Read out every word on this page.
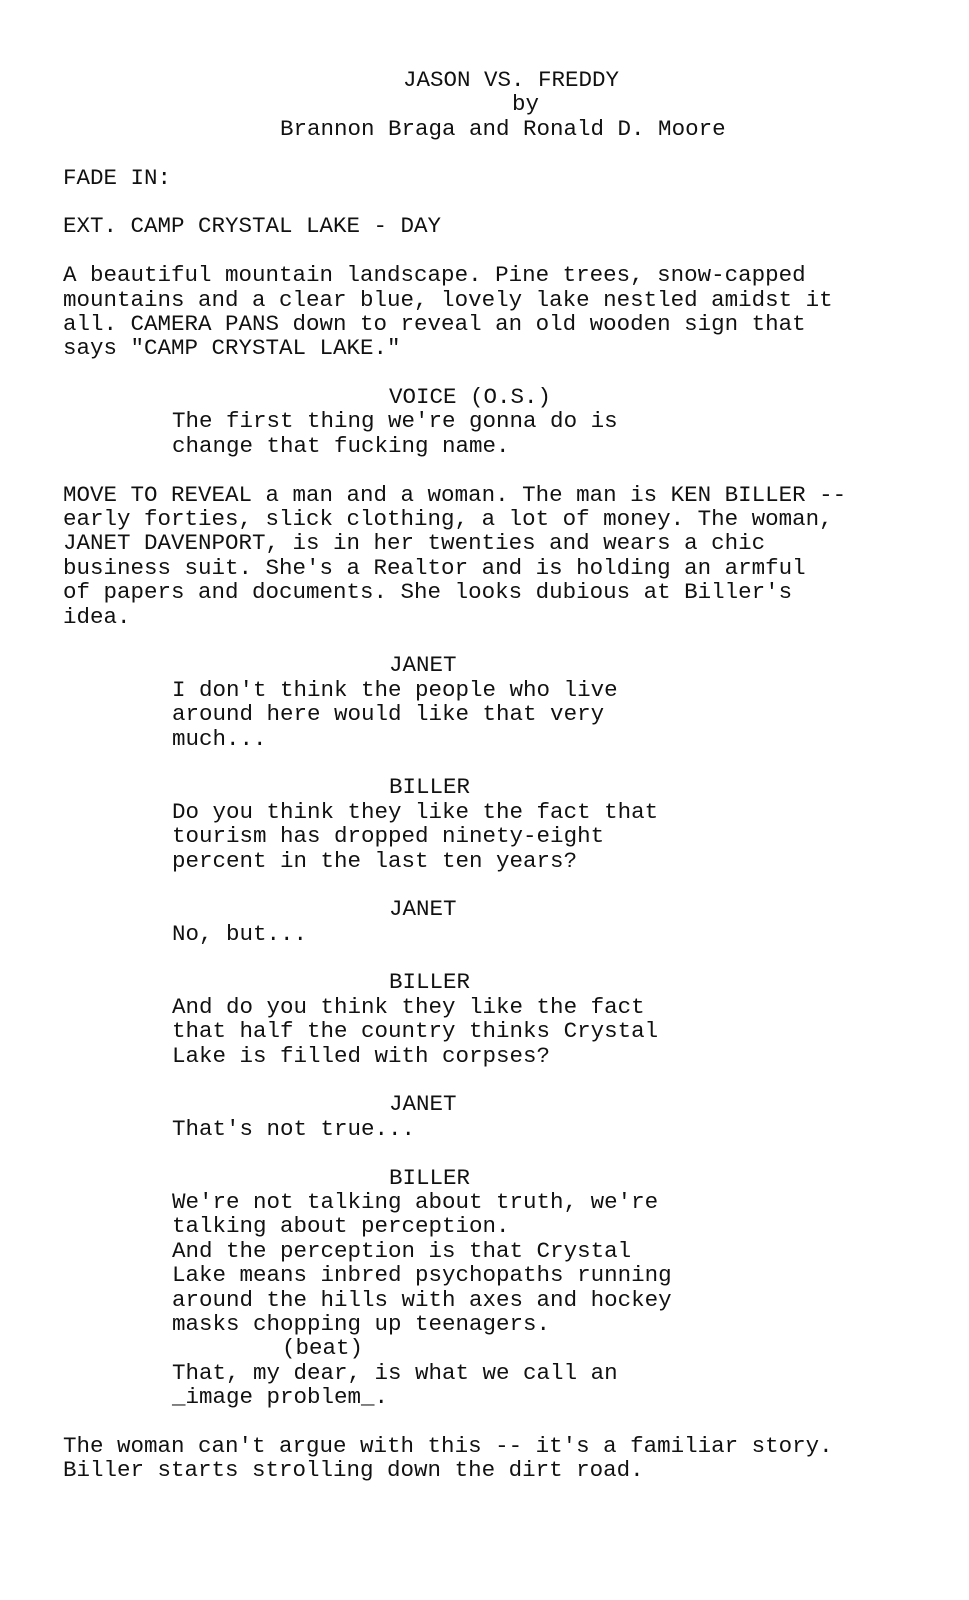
JASON VS. FREDDY
by
Brannon Braga and Ronald D. Moore
FADE IN:
EXT. CAMP CRYSTAL LAKE - DAY
A beautiful mountain landscape. Pine trees, snow-capped
mountains and a clear blue, lovely lake nestled amidst it
all. CAMERA PANS down to reveal an old wooden sign that
says "CAMP CRYSTAL LAKE."
VOICE (O.S.)
The first thing we're gonna do is
change that fucking name.
MOVE TO REVEAL a man and a woman. The man is KEN BILLER --
early forties, slick clothing, a lot of money. The woman,
JANET DAVENPORT, is in her twenties and wears a chic
business suit. She's a Realtor and is holding an armful
of papers and documents. She looks dubious at Biller's
idea.
JANET
I don't think the people who live
around here would like that very
much...
BILLER
Do you think they like the fact that
tourism has dropped ninety-eight
percent in the last ten years?
JANET
No, but...
BILLER
And do you think they like the fact
that half the country thinks Crystal
Lake is filled with corpses?
JANET
That's not true...
BILLER
We're not talking about truth, we're
talking about perception.
And the perception is that Crystal
Lake means inbred psychopaths running
around the hills with axes and hockey
masks chopping up teenagers.
(beat)
That, my dear, is what we call an
_image problem_.
The woman can't argue with this -- it's a familiar story.
Biller starts strolling down the dirt road.
